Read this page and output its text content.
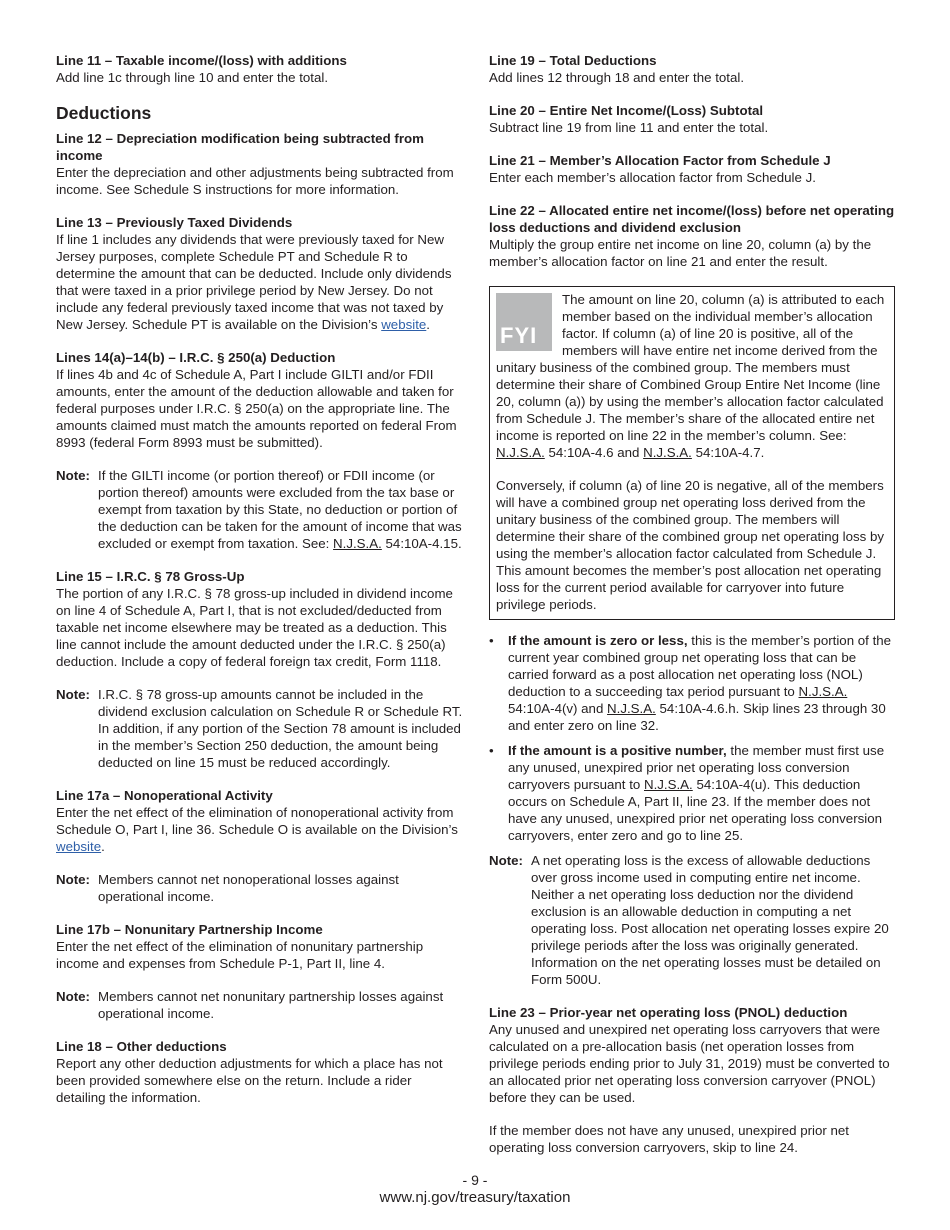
Line 11 – Taxable income/(loss) with additions

Add line 1c through line 10 and enter the total.

Deductions

Line 12 – Depreciation modification being subtracted from income

Enter the depreciation and other adjustments being subtracted from income. See Schedule S instructions for more information.

Line 13 – Previously Taxed Dividends

If line 1 includes any dividends that were previously taxed for New Jersey purposes, complete Schedule PT and Schedule R to determine the amount that can be deducted. Include only dividends that were taxed in a prior privilege period by New Jersey. Do not include any federal previously taxed income that was not taxed by New Jersey. Schedule PT is available on the Division’s website.

Lines 14(a)–14(b) – I.R.C. § 250(a) Deduction

If lines 4b and 4c of Schedule A, Part I include GILTI and/or FDII amounts, enter the amount of the deduction allowable and taken for federal purposes under I.R.C. § 250(a) on the appropriate line. The amounts claimed must match the amounts reported on federal From 8993 (federal Form 8993 must be submitted).

Note: If the GILTI income (or portion thereof) or FDII income (or portion thereof) amounts were excluded from the tax base or exempt from taxation by this State, no deduction or portion of the deduction can be taken for the amount of income that was excluded or exempt from taxation. See: N.J.S.A. 54:10A-4.15.

Line 15 – I.R.C. § 78 Gross-Up

The portion of any I.R.C. § 78 gross-up included in dividend income on line 4 of Schedule A, Part I, that is not excluded/deducted from taxable net income elsewhere may be treated as a deduction. This line cannot include the amount deducted under the I.R.C. § 250(a) deduction. Include a copy of federal foreign tax credit, Form 1118.

Note: I.R.C. § 78 gross-up amounts cannot be included in the dividend exclusion calculation on Schedule R or Schedule RT. In addition, if any portion of the Section 78 amount is included in the member’s Section 250 deduction, the amount being deducted on line 15 must be reduced accordingly.

Line 17a – Nonoperational Activity

Enter the net effect of the elimination of nonoperational activity from Schedule O, Part I, line 36. Schedule O is available on the Division’s website.

Note: Members cannot net nonoperational losses against operational income.

Line 17b – Nonunitary Partnership Income

Enter the net effect of the elimination of nonunitary partnership income and expenses from Schedule P-1, Part II, line 4.

Note: Members cannot net nonunitary partnership losses against operational income.

Line 18 – Other deductions

Report any other deduction adjustments for which a place has not been provided somewhere else on the return. Include a rider detailing the information.

Line 19 – Total Deductions

Add lines 12 through 18 and enter the total.

Line 20 – Entire Net Income/(Loss) Subtotal

Subtract line 19 from line 11 and enter the total.

Line 21 – Member’s Allocation Factor from Schedule J

Enter each member’s allocation factor from Schedule J.

Line 22 – Allocated entire net income/(loss) before net operating loss deductions and dividend exclusion

Multiply the group entire net income on line 20, column (a) by the member’s allocation factor on line 21 and enter the result.

FYI

The amount on line 20, column (a) is attributed to each member based on the individual member’s allocation factor. If column (a) of line 20 is positive, all of the members will have entire net income derived from the unitary business of the combined group. The members must determine their share of Combined Group Entire Net Income (line 20, column (a)) by using the member’s allocation factor calculated from Schedule J. The member’s share of the allocated entire net income is reported on line 22 in the member’s column. See: N.J.S.A. 54:10A-4.6 and N.J.S.A. 54:10A-4.7.

Conversely, if column (a) of line 20 is negative, all of the members will have a combined group net operating loss derived from the unitary business of the combined group. The members will determine their share of the combined group net operating loss by using the member’s allocation factor calculated from Schedule J. This amount becomes the member’s post allocation net operating loss for the current period available for carryover into future privilege periods.

• If the amount is zero or less, this is the member’s portion of the current year combined group net operating loss that can be carried forward as a post allocation net operating loss (NOL) deduction to a succeeding tax period pursuant to N.J.S.A. 54:10A-4(v) and N.J.S.A. 54:10A-4.6.h. Skip lines 23 through 30 and enter zero on line 32.
• If the amount is a positive number, the member must first use any unused, unexpired prior net operating loss conversion carryovers pursuant to N.J.S.A. 54:10A-4(u). This deduction occurs on Schedule A, Part II, line 23. If the member does not have any unused, unexpired prior net operating loss conversion carryovers, enter zero and go to line 25.
Note: A net operating loss is the excess of allowable deductions over gross income used in computing entire net income. Neither a net operating loss deduction nor the dividend exclusion is an allowable deduction in computing a net operating loss. Post allocation net operating losses expire 20 privilege periods after the loss was originally generated. Information on the net operating losses must be detailed on Form 500U.

Line 23 – Prior-year net operating loss (PNOL) deduction

Any unused and unexpired net operating loss carryovers that were calculated on a pre-allocation basis (net operation losses from privilege periods ending prior to July 31, 2019) must be converted to an allocated prior net operating loss conversion carryover (PNOL) before they can be used.

If the member does not have any unused, unexpired prior net operating loss conversion carryovers, skip to line 24.

- 9 -
www.nj.gov/treasury/taxation
